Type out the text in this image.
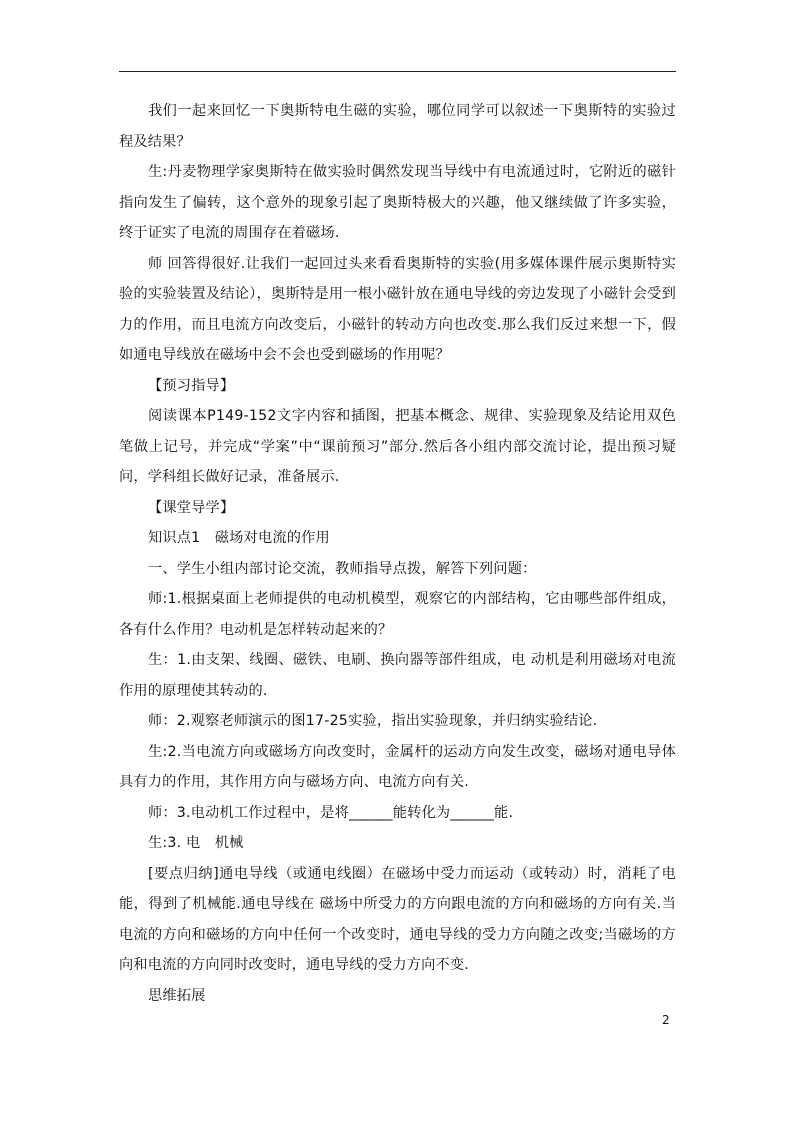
我们一起来回忆一下奥斯特电生磁的实验，哪位同学可以叙述一下奥斯特的实验过程及结果？

生:丹麦物理学家奥斯特在做实验时偶然发现当导线中有电流通过时，它附近的磁针指向发生了偏转，这个意外的现象引起了奥斯特极大的兴趣，他又继续做了许多实验，终于证实了电流的周围存在着磁场.

师 回答得很好.让我们一起回过头来看看奥斯特的实验(用多媒体课件展示奥斯特实验的实验装置及结论），奥斯特是用一根小磁针放在通电导线的旁边发现了小磁针会受到力的作用，而且电流方向改变后，小磁针的转动方向也改变.那么我们反过来想一下，假如通电导线放在磁场中会不会也受到磁场的作用呢？

【预习指导】

阅读课本P149-152文字内容和插图，把基本概念、规律、实验现象及结论用双色笔做上记号，并完成“学案”中“课前预习”部分.然后各小组内部交流讨论，提出预习疑问，学科组长做好记录，准备展示.

【课堂导学】

知识点1　磁场对电流的作用

一、学生小组内部讨论交流，教师指导点拨，解答下列问题：

师:1.根据桌面上老师提供的电动机模型，观察它的内部结构，它由哪些部件组成，各有什么作用？电动机是怎样转动起来的？

生：1.由支架、线圈、磁铁、电刷、换向器等部件组成，电 动机是利用磁场对电流作用的原理使其转动的.

师：2.观察老师演示的图17-25实验，指出实验现象，并归纳实验结论.

生:2.当电流方向或磁场方向改变时，金属杆的运动方向发生改变，磁场对通电导体具有力的作用，其作用方向与磁场方向、电流方向有关.

师：3.电动机工作过程中，是将______能转化为______能.

生:3. 电　机械

[要点归纳]通电导线（或通电线圈）在磁场中受力而运动（或转动）时，消耗了电能，得到了机械能.通电导线在 磁场中所受力的方向跟电流的方向和磁场的方向有关.当电流的方向和磁场的方向中任何一个改变时，通电导线的受力方向随之改变;当磁场的方向和电流的方向同时改变时，通电导线的受力方向不变.

思维拓展

2
